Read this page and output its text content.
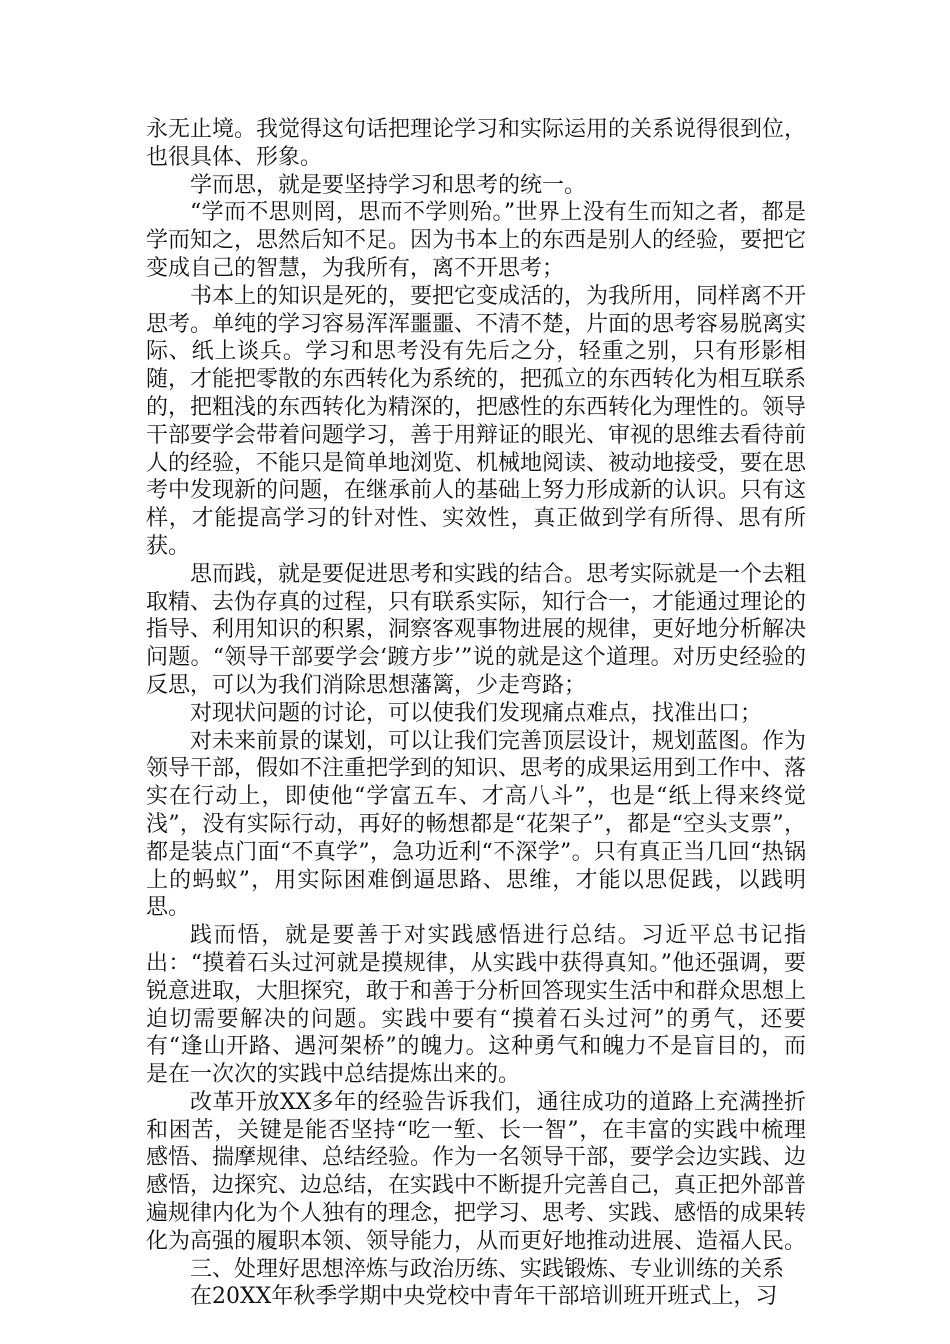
永无止境。我觉得这句话把理论学习和实际运用的关系说得很到位，也很具体、形象。

学而思，就是要坚持学习和思考的统一。

“学而不思则罔，思而不学则殆。”世界上没有生而知之者，都是学而知之，思然后知不足。因为书本上的东西是别人的经验，要把它变成自己的智慧，为我所有，离不开思考；

书本上的知识是死的，要把它变成活的，为我所用，同样离不开思考。单纯的学习容易浑浑噩噩、不清不楚，片面的思考容易脱离实际、纸上谈兵。学习和思考没有先后之分，轻重之别，只有形影相随，才能把零散的东西转化为系统的，把孤立的东西转化为相互联系的，把粗浅的东西转化为精深的，把感性的东西转化为理性的。领导干部要学会带着问题学习，善于用辩证的眼光、审视的思维去看待前人的经验，不能只是简单地浏览、机械地阅读、被动地接受，要在思考中发现新的问题，在继承前人的基础上努力形成新的认识。只有这样，才能提高学习的针对性、实效性，真正做到学有所得、思有所获。

思而践，就是要促进思考和实践的结合。思考实际就是一个去粗取精、去伪存真的过程，只有联系实际，知行合一，才能通过理论的指导、利用知识的积累，洞察客观事物进展的规律，更好地分析解决问题。“领导干部要学会‘踱方步’”说的就是这个道理。对历史经验的反思，可以为我们消除思想藩篱，少走弯路；

对现状问题的讨论，可以使我们发现痛点难点，找准出口；

对未来前景的谋划，可以让我们完善顶层设计，规划蓝图。作为领导干部，假如不注重把学到的知识、思考的成果运用到工作中、落实在行动上，即使他“学富五车、才高八斗”，也是“纸上得来终觉浅”，没有实际行动，再好的畅想都是“花架子”，都是“空头支票”，都是装点门面“不真学”，急功近利“不深学”。只有真正当几回“热锅上的蚂蚁”，用实际困难倒逼思路、思维，才能以思促践，以践明思。

践而悟，就是要善于对实践感悟进行总结。习近平总书记指出：“摸着石头过河就是摸规律，从实践中获得真知。”他还强调，要锐意进取，大胆探究，敢于和善于分析回答现实生活中和群众思想上迫切需要解决的问题。实践中要有“摸着石头过河”的勇气，还要有“逢山开路、遇河架桥”的魄力。这种勇气和魄力不是盲目的，而是在一次次的实践中总结提炼出来的。

改革开放XX多年的经验告诉我们，通往成功的道路上充满挫折和困苦，关键是能否坚持“吃一堑、长一智”，在丰富的实践中梳理感悟、揣摩规律、总结经验。作为一名领导干部，要学会边实践、边感悟，边探究、边总结，在实践中不断提升完善自己，真正把外部普遍规律内化为个人独有的理念，把学习、思考、实践、感悟的成果转化为高强的履职本领、领导能力，从而更好地推动进展、造福人民。

三、处理好思想淬炼与政治历练、实践锻炼、专业训练的关系

在20XX年秋季学期中央党校中青年干部培训班开班式上，习
